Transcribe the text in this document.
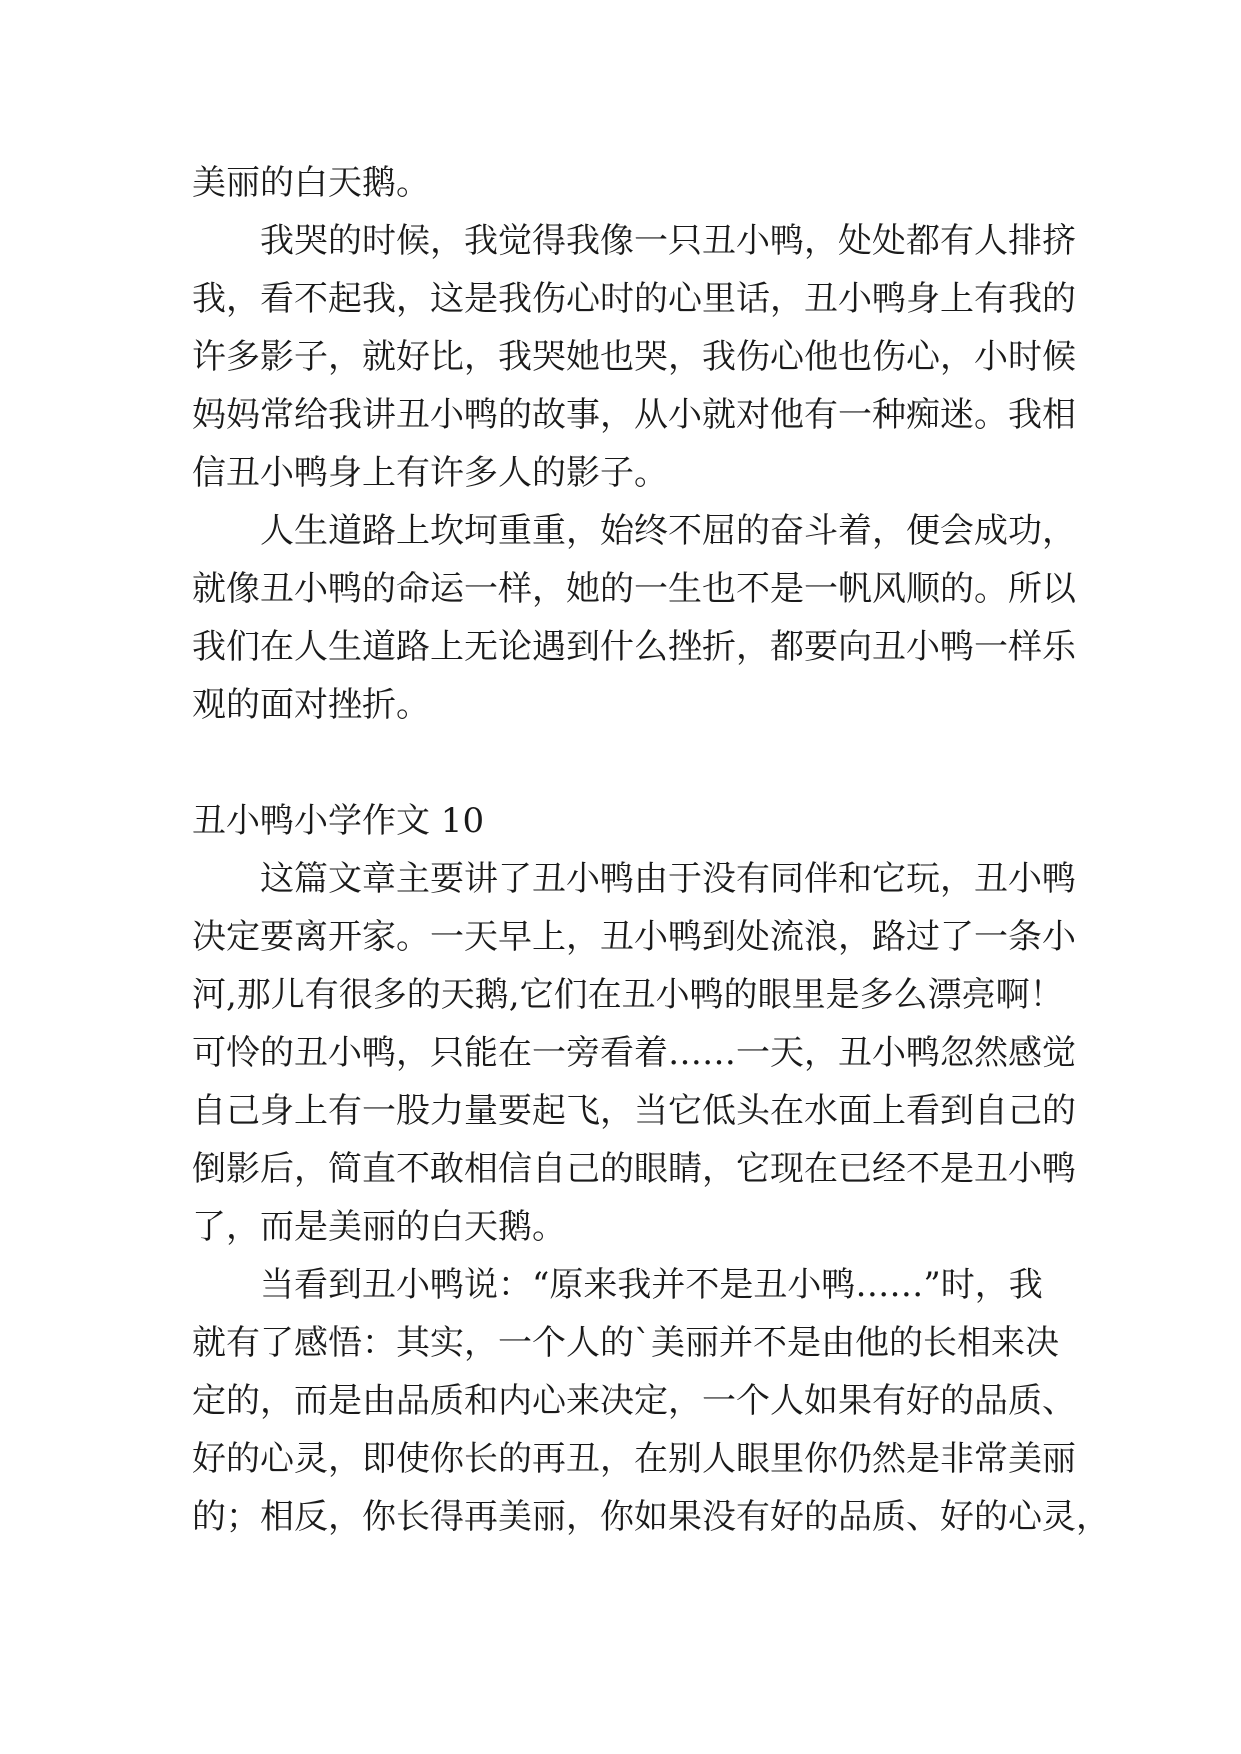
美丽的白天鹅。
我哭的时候，我觉得我像一只丑小鸭，处处都有人排挤
我，看不起我，这是我伤心时的心里话，丑小鸭身上有我的
许多影子，就好比，我哭她也哭，我伤心他也伤心，小时候
妈妈常给我讲丑小鸭的故事，从小就对他有一种痴迷。我相
信丑小鸭身上有许多人的影子。
人生道路上坎坷重重，始终不屈的奋斗着，便会成功，
就像丑小鸭的命运一样，她的一生也不是一帆风顺的。所以
我们在人生道路上无论遇到什么挫折，都要向丑小鸭一样乐
观的面对挫折。
丑小鸭小学作文 10
这篇文章主要讲了丑小鸭由于没有同伴和它玩，丑小鸭
决定要离开家。一天早上，丑小鸭到处流浪，路过了一条小
河,那儿有很多的天鹅,它们在丑小鸭的眼里是多么漂亮啊！
可怜的丑小鸭，只能在一旁看着……一天，丑小鸭忽然感觉
自己身上有一股力量要起飞，当它低头在水面上看到自己的
倒影后，简直不敢相信自己的眼睛，它现在已经不是丑小鸭
了，而是美丽的白天鹅。
当看到丑小鸭说：“原来我并不是丑小鸭……”时，我
就有了感悟：其实，一个人的`美丽并不是由他的长相来决
定的，而是由品质和内心来决定，一个人如果有好的品质、
好的心灵，即使你长的再丑，在别人眼里你仍然是非常美丽
的；相反，你长得再美丽，你如果没有好的品质、好的心灵，
